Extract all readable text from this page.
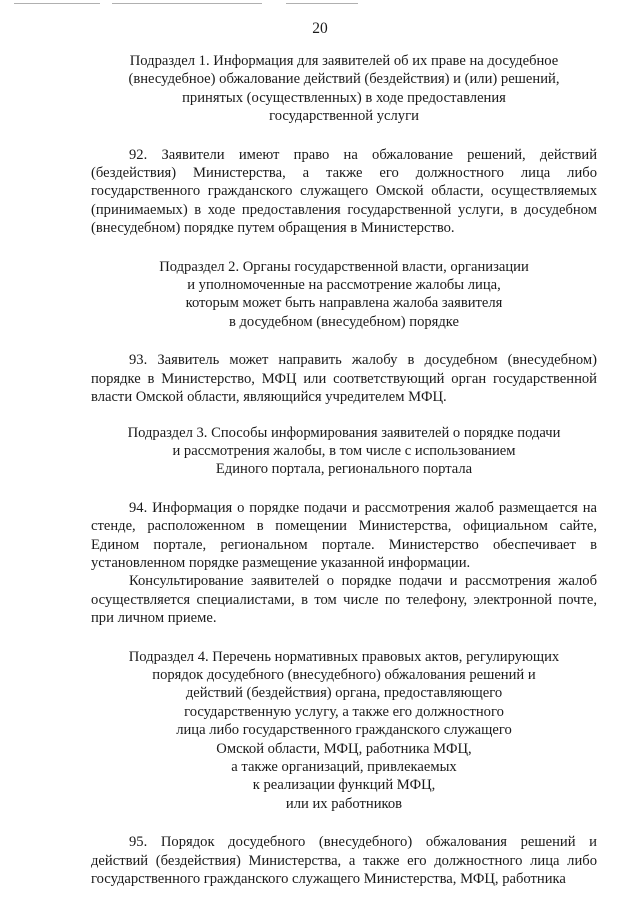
20
Подраздел 1. Информация для заявителей об их праве на досудебное
(внесудебное) обжалование действий (бездействия) и (или) решений,
принятых (осуществленных) в ходе предоставления
государственной услуги

92. Заявители имеют право на обжалование решений, действий (бездействия) Министерства, а также его должностного лица либо государственного гражданского служащего Омской области, осуществляемых (принимаемых) в ходе предоставления государственной услуги, в досудебном (внесудебном) порядке путем обращения в Министерство.

Подраздел 2. Органы государственной власти, организации
и уполномоченные на рассмотрение жалобы лица,
которым может быть направлена жалоба заявителя
в досудебном (внесудебном) порядке

93. Заявитель может направить жалобу в досудебном (внесудебном) порядке в Министерство, МФЦ или соответствующий орган государственной власти Омской области, являющийся учредителем МФЦ.

Подраздел 3. Способы информирования заявителей о порядке подачи
и рассмотрения жалобы, в том числе с использованием
Единого портала, регионального портала

94. Информация о порядке подачи и рассмотрения жалоб размещается на стенде, расположенном в помещении Министерства, официальном сайте, Едином портале, региональном портале. Министерство обеспечивает в установленном порядке размещение указанной информации.

Консультирование заявителей о порядке подачи и рассмотрения жалоб осуществляется специалистами, в том числе по телефону, электронной почте, при личном приеме.

Подраздел 4. Перечень нормативных правовых актов, регулирующих
порядок досудебного (внесудебного) обжалования решений и
действий (бездействия) органа, предоставляющего
государственную услугу, а также его должностного
лица либо государственного гражданского служащего
Омской области, МФЦ, работника МФЦ,
а также организаций, привлекаемых
к реализации функций МФЦ,
или их работников

95. Порядок досудебного (внесудебного) обжалования решений и действий (бездействия) Министерства, а также его должностного лица либо государственного гражданского служащего Министерства, МФЦ, работника
